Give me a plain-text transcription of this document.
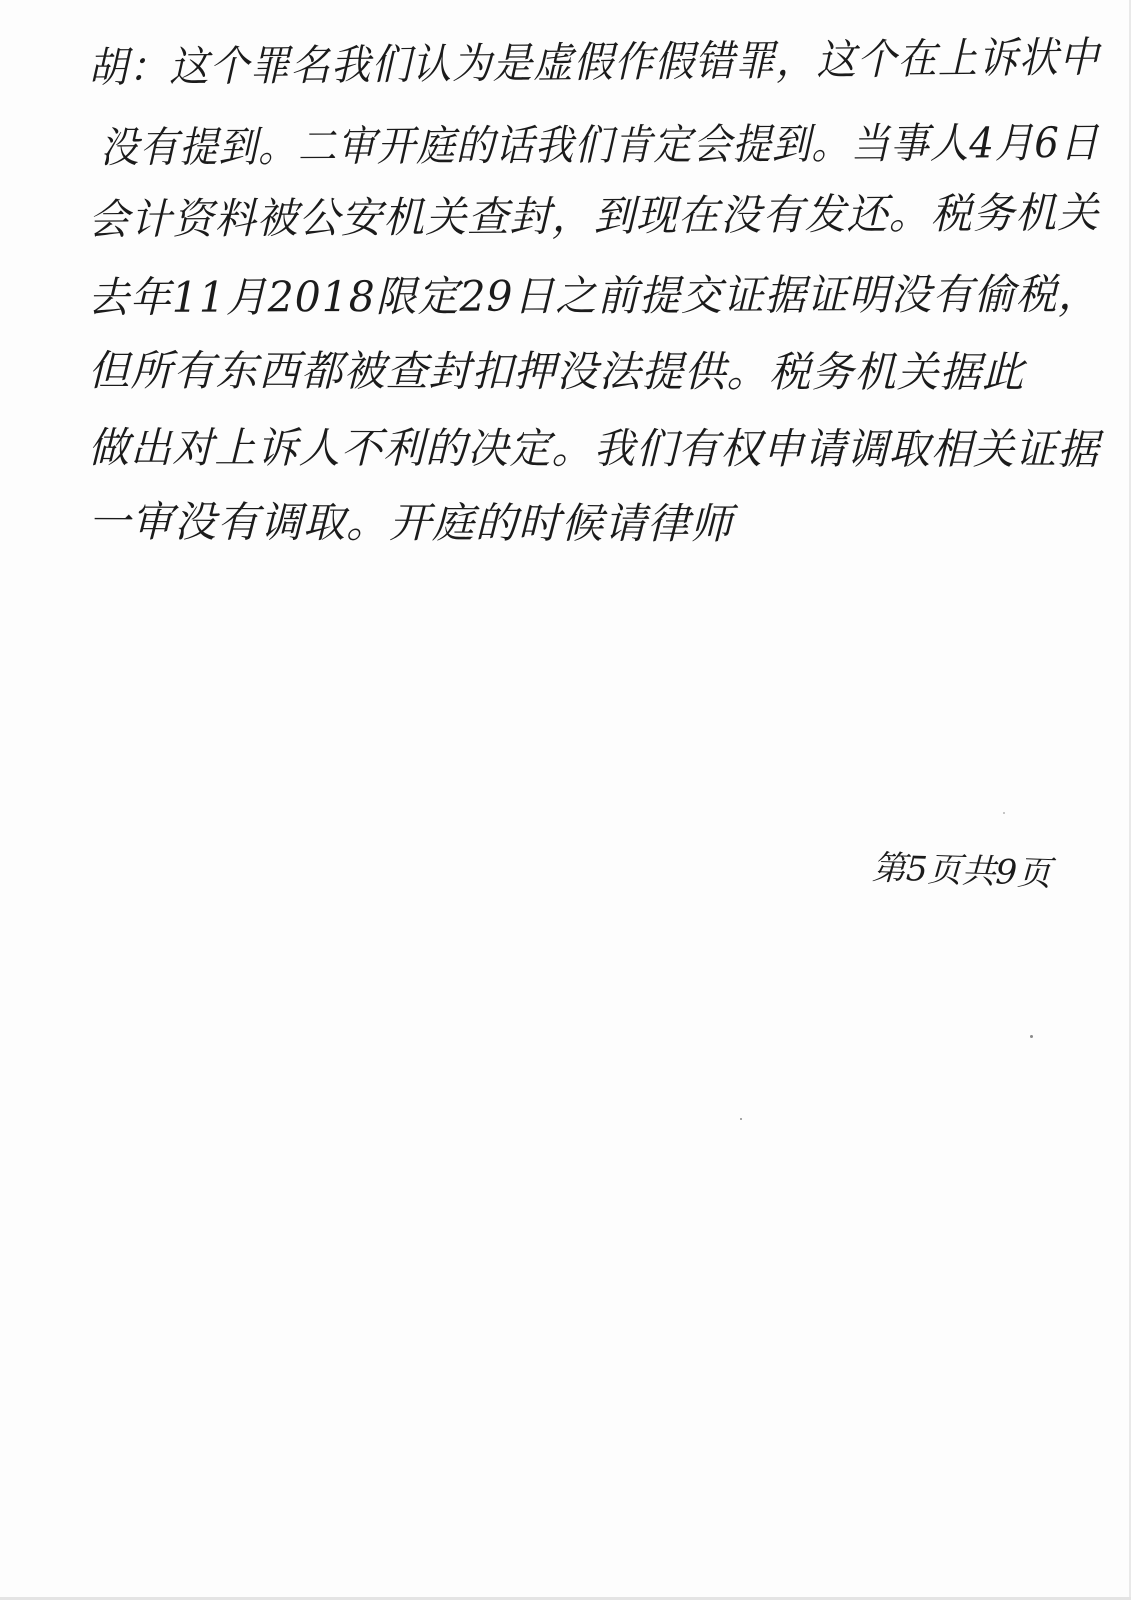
胡：这个罪名我们认为是虚假作假错罪，这个在上诉状中
没有提到。二审开庭的话我们肯定会提到。当事人4月6日
会计资料被公安机关查封，到现在没有发还。税务机关
去年11月2018限定29日之前提交证据证明没有偷税，
但所有东西都被查封扣押没法提供。税务机关据此
做出对上诉人不利的决定。我们有权申请调取相关证据
一审没有调取。开庭的时候请律师
第5页共9页
